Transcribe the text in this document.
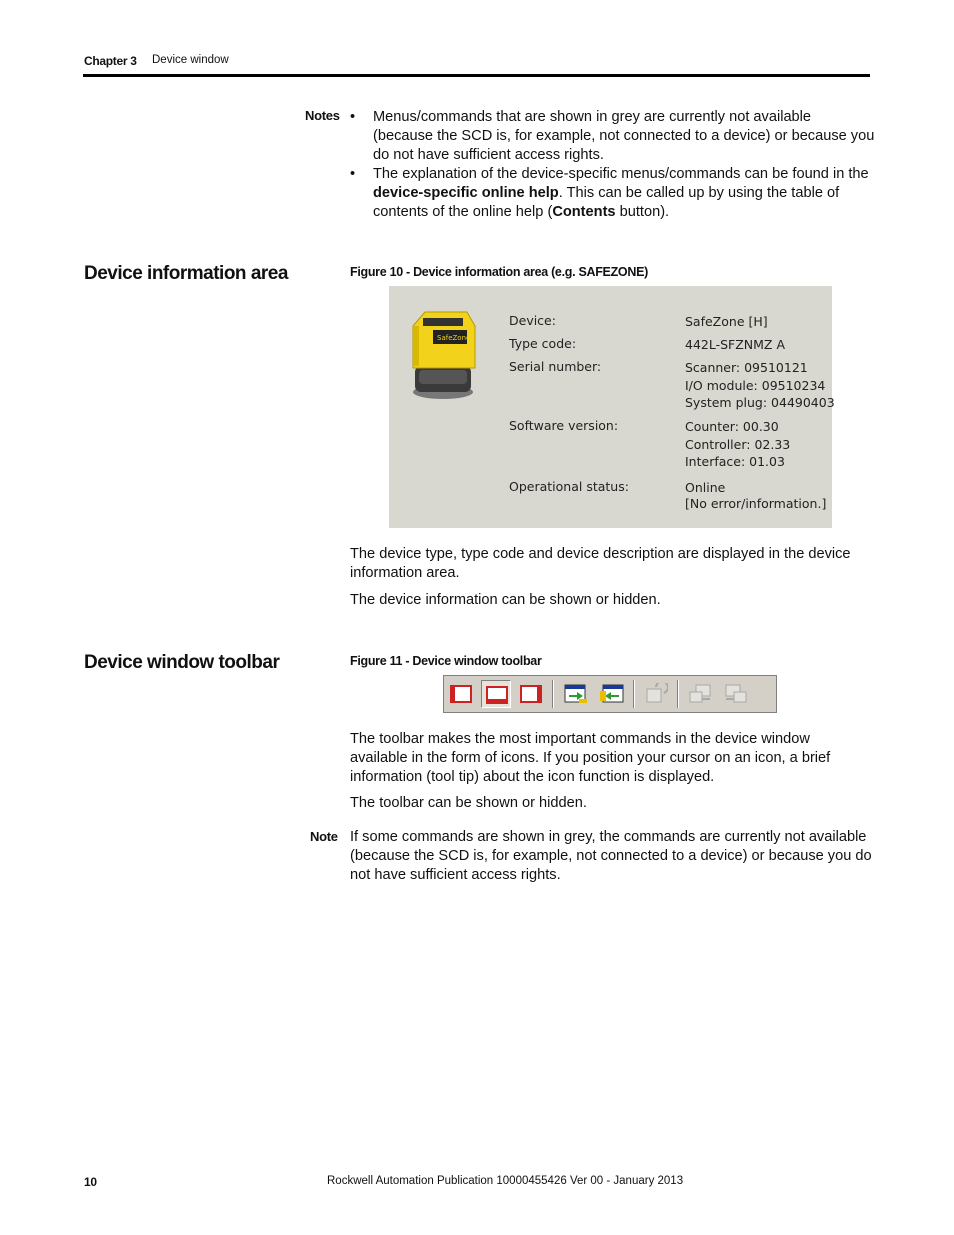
Chapter 3 Device window
Notes • Menus/commands that are shown in grey are currently not available (because the SCD is, for example, not connected to a device) or because you do not have sufficient access rights.
• The explanation of the device-specific menus/commands can be found in the device-specific online help. This can be called up by using the table of contents of the online help (Contents button).
Device information area	Figure 10 - Device information area (e.g. SAFEZONE)
SafeZone
Device:	SafeZone [H]
Type code:	442L-SFZNMZ A
Serial number:	Scanner: 09510121
I/O module: 09510234
System plug: 04490403
Software version:	Counter: 00.30
Controller: 02.33
Interface: 01.03
Operational status:	Online
[No error/information.]

The device type, type code and device description are displayed in the device information area.

The device information can be shown or hidden.

Device window toolbar	Figure 11 - Device window toolbar

The toolbar makes the most important commands in the device window available in the form of icons. If you position your cursor on an icon, a brief information (tool tip) about the icon function is displayed.

The toolbar can be shown or hidden.

Note If some commands are shown in grey, the commands are currently not available (because the SCD is, for example, not connected to a device) or because you do not have sufficient access rights.

10	Rockwell Automation Publication 10000455426 Ver 00 - January 2013
